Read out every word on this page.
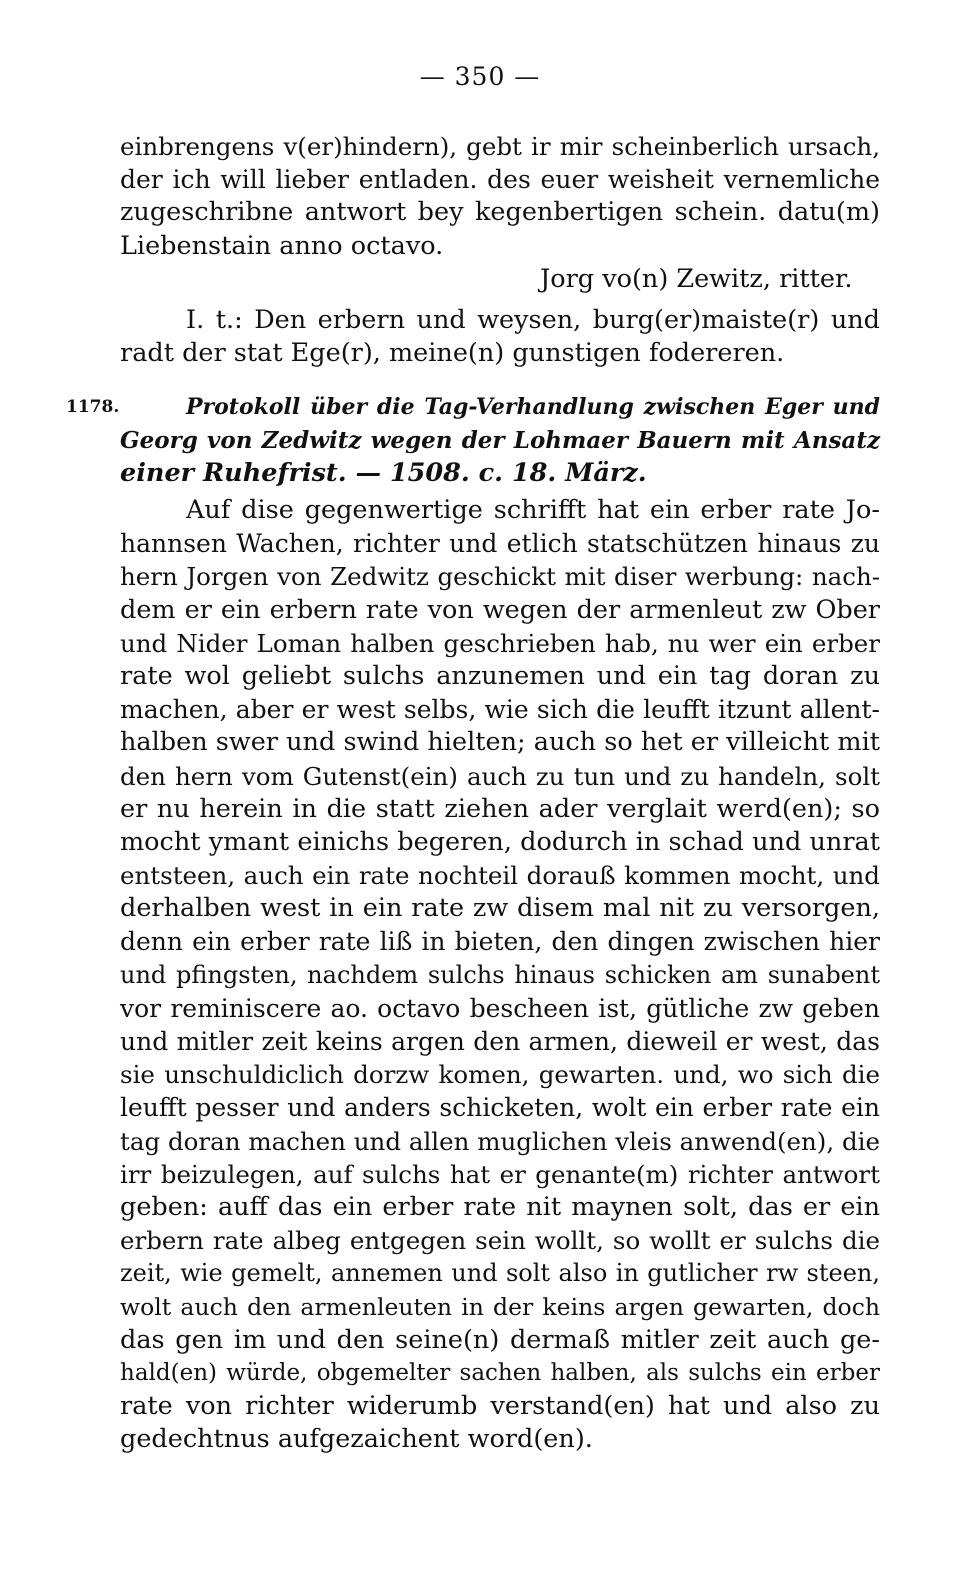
— 350 —
einbrengens v(er)hindern), gebt ir mir scheinberlich ursach,
der ich will lieber entladen. des euer weisheit vernemliche
zugeschribne antwort bey kegenbertigen schein. datu(m)
Liebenstain anno octavo.
Jorg vo(n) Zewitz, ritter.
I. t.: Den erbern und weysen, burg(er)maiste(r) und
radt der stat Ege(r), meine(n) gunstigen fodereren.
1178.	Protokoll über die Tag-Verhandlung zwischen Eger und
Georg von Zedwitz wegen der Lohmaer Bauern mit Ansatz
einer Ruhefrist. — 1508. c. 18. März.
Auf dise gegenwertige schrifft hat ein erber rate Jo-
hannsen Wachen, richter und etlich statschützen hinaus zu
hern Jorgen von Zedwitz geschickt mit diser werbung: nach-
dem er ein erbern rate von wegen der armenleut zw Ober
und Nider Loman halben geschrieben hab, nu wer ein erber
rate wol geliebt sulchs anzunemen und ein tag doran zu
machen, aber er west selbs, wie sich die leufft itzunt allent-
halben swer und swind hielten; auch so het er villeicht mit
den hern vom Gutenst(ein) auch zu tun und zu handeln, solt
er nu herein in die statt ziehen ader verglait werd(en); so
mocht ymant einichs begeren, dodurch in schad und unrat
entsteen, auch ein rate nochteil dorauß kommen mocht, und
derhalben west in ein rate zw disem mal nit zu versorgen,
denn ein erber rate liß in bieten, den dingen zwischen hier
und pfingsten, nachdem sulchs hinaus schicken am sunabent
vor reminiscere ao. octavo bescheen ist, gütliche zw geben
und mitler zeit keins argen den armen, dieweil er west, das
sie unschuldiclich dorzw komen, gewarten. und, wo sich die
leufft pesser und anders schicketen, wolt ein erber rate ein
tag doran machen und allen muglichen vleis anwend(en), die
irr beizulegen, auf sulchs hat er genante(m) richter antwort
geben: auff das ein erber rate nit maynen solt, das er ein
erbern rate albeg entgegen sein wollt, so wollt er sulchs die
zeit, wie gemelt, annemen und solt also in gutlicher rw steen,
wolt auch den armenleuten in der keins argen gewarten, doch
das gen im und den seine(n) dermaß mitler zeit auch ge-
hald(en) würde, obgemelter sachen halben, als sulchs ein erber
rate von richter widerumb verstand(en) hat und also zu
gedechtnus aufgezaichent word(en).
